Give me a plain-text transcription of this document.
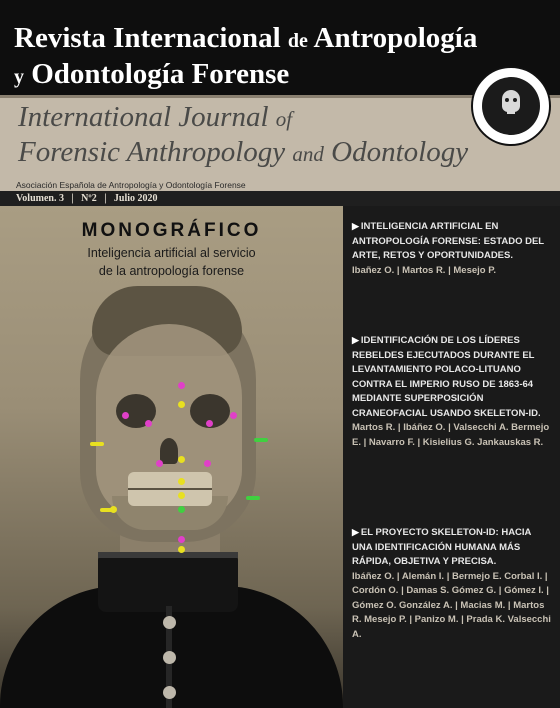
Revista Internacional de Antropología
y Odontología Forense
International Journal of
Forensic Anthropology and Odontology
Asociación Española de Antropología y Odontología Forense
Volumen. 3   |   Nº2   |   Julio 2020
MONOGRÁFICO
Inteligencia artificial al servicio
de la antropología forense
▶ INTELIGENCIA ARTIFICIAL EN ANTROPOLOGÍA FORENSE: ESTADO DEL ARTE, RETOS Y OPORTUNIDADES.
Ibañez O. | Martos R. | Mesejo P.
▶ IDENTIFICACIÓN DE LOS LÍDERES REBELDES EJECUTADOS DURANTE EL LEVANTAMIENTO POLACO-LITUANO CONTRA EL IMPERIO RUSO DE 1863-64 MEDIANTE SUPERPOSICIÓN CRANEOFACIAL USANDO SKELETON-ID.
Martos R. | Ibáñez O. | Valsecchi A. Bermejo E. | Navarro F. | Kisielius G. Jankauskas R.
▶ EL PROYECTO SKELETON-ID: HACIA UNA IDENTIFICACIÓN HUMANA MÁS RÁPIDA, OBJETIVA Y PRECISA.
Ibáñez O. | Alemán I. | Bermejo E. Corbal I. | Cordón O. | Damas S. Gómez G. | Gómez I. | Gómez O. González A. | Macias M. | Martos R. Mesejo P. | Panizo M. | Prada K. Valsecchi A.
